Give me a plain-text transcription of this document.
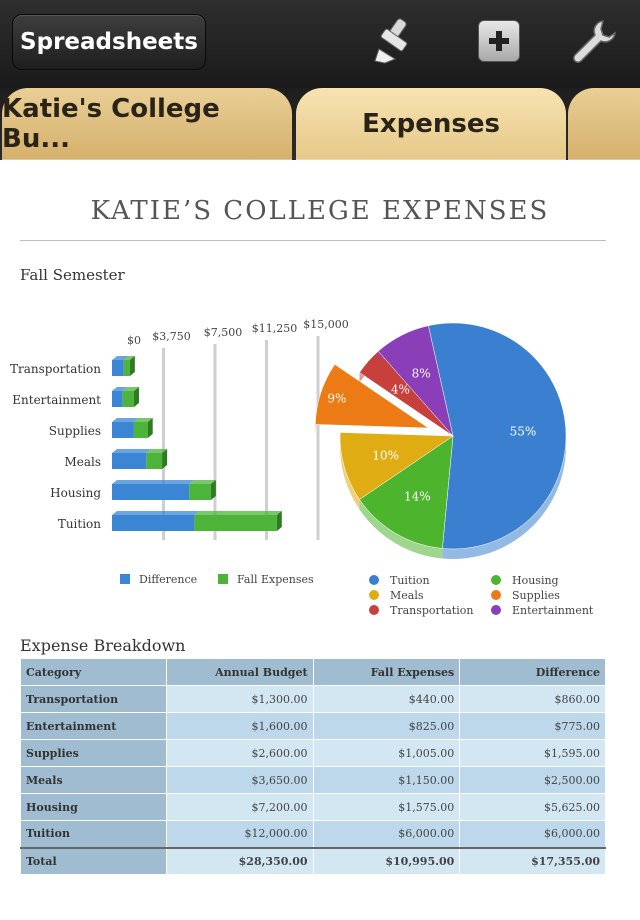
Spreadsheets
Katie's College Bu...	Expenses
KATIE’S COLLEGE EXPENSES
Fall Semester
$0 $3,750 $7,500 $11,250 $15,000
Transportation
Entertainment
Supplies
Meals
Housing
Tuition
Difference	Fall Expenses
55%
14%
10%
9%
4%
8%
Tuition	Housing
Meals	Supplies
Transportation	Entertainment
Expense Breakdown
Category	Annual Budget	Fall Expenses	Difference
Transportation	$1,300.00	$440.00	$860.00
Entertainment	$1,600.00	$825.00	$775.00
Supplies	$2,600.00	$1,005.00	$1,595.00
Meals	$3,650.00	$1,150.00	$2,500.00
Housing	$7,200.00	$1,575.00	$5,625.00
Tuition	$12,000.00	$6,000.00	$6,000.00
Total	$28,350.00	$10,995.00	$17,355.00
